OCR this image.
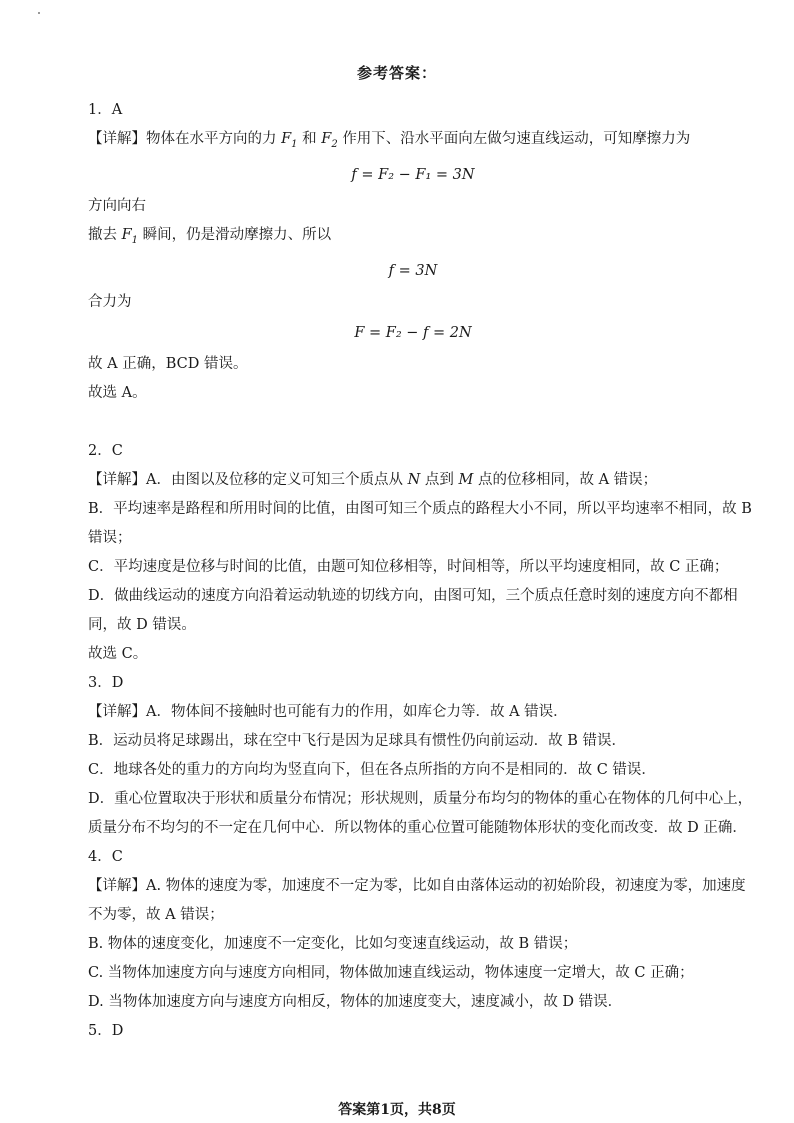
参考答案：
1．A
【详解】物体在水平方向的力 $F_1$ 和 $F_2$ 作用下、沿水平面向左做匀速直线运动，可知摩擦力为
f = F₂ − F₁ = 3N
方向向右
撤去 $F_1$ 瞬间，仍是滑动摩擦力、所以
f = 3N
合力为
F = F₂ − f = 2N
故 A 正确，BCD 错误。
故选 A。
2．C
【详解】A．由图以及位移的定义可知三个质点从 N 点到 M 点的位移相同，故 A 错误；
B．平均速率是路程和所用时间的比值，由图可知三个质点的路程大小不同，所以平均速率不相同，故 B
错误；
C．平均速度是位移与时间的比值，由题可知位移相等，时间相等，所以平均速度相同，故 C 正确；
D．做曲线运动的速度方向沿着运动轨迹的切线方向，由图可知，三个质点任意时刻的速度方向不都相
同，故 D 错误。
故选 C。
3．D
【详解】A．物体间不接触时也可能有力的作用，如库仑力等．故 A 错误．
B．运动员将足球踢出，球在空中飞行是因为足球具有惯性仍向前运动．故 B 错误．
C．地球各处的重力的方向均为竖直向下，但在各点所指的方向不是相同的．故 C 错误．
D．重心位置取决于形状和质量分布情况；形状规则，质量分布均匀的物体的重心在物体的几何中心上，
质量分布不均匀的不一定在几何中心．所以物体的重心位置可能随物体形状的变化而改变．故 D 正确．
4．C
【详解】A. 物体的速度为零，加速度不一定为零，比如自由落体运动的初始阶段，初速度为零，加速度
不为零，故 A 错误；
B. 物体的速度变化，加速度不一定变化，比如匀变速直线运动，故 B 错误；
C. 当物体加速度方向与速度方向相同，物体做加速直线运动，物体速度一定增大，故 C 正确；
D. 当物体加速度方向与速度方向相反，物体的加速度变大，速度减小，故 D 错误．
5．D
答案第1页，共8页
